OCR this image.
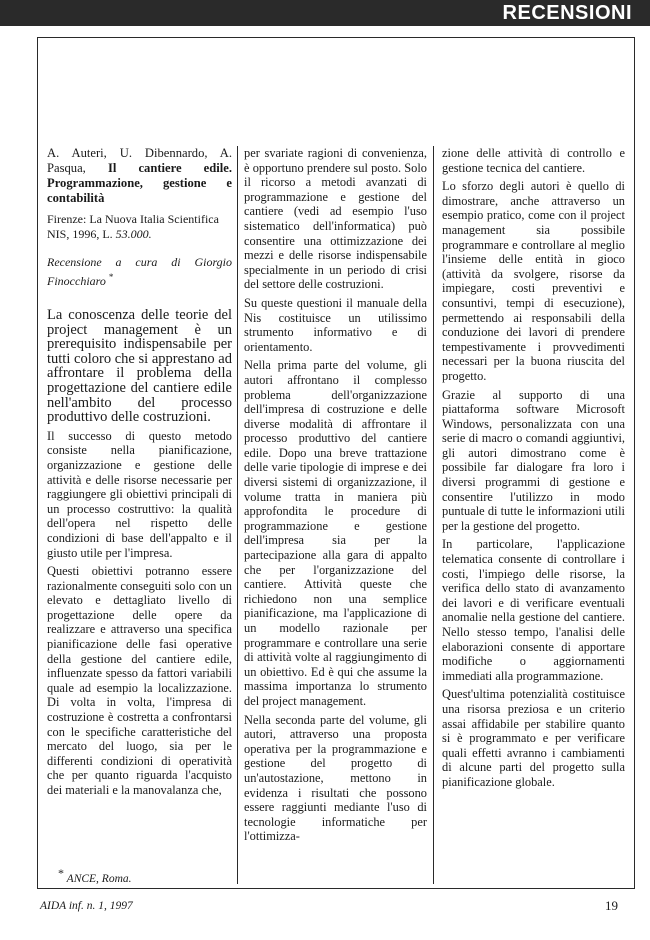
RECENSIONI

A. Auteri, U. Dibennardo, A. Pasqua, Il cantiere edile. Programmazione, gestione e contabilità

Firenze: La Nuova Italia Scientifica
NIS, 1996, L. 53.000.

Recensione a cura di Giorgio Finocchiaro *

La conoscenza delle teorie del project management è un prerequisito indispensabile per tutti coloro che si apprestano ad affrontare il problema della progettazione del cantiere edile nell'ambito del processo produttivo delle costruzioni.

Il successo di questo metodo consiste nella pianificazione, organizzazione e gestione delle attività e delle risorse necessarie per raggiungere gli obiettivi principali di un processo costruttivo: la qualità dell'opera nel rispetto delle condizioni di base dell'appalto e il giusto utile per l'impresa.

Questi obiettivi potranno essere razionalmente conseguiti solo con un elevato e dettagliato livello di progettazione delle opere da realizzare e attraverso una specifica pianificazione delle fasi operative della gestione del cantiere edile, influenzate spesso da fattori variabili quale ad esempio la localizzazione. Di volta in volta, l'impresa di costruzione è costretta a confrontarsi con le specifiche caratteristiche del mercato del luogo, sia per le differenti condizioni di operatività che per quanto riguarda l'acquisto dei materiali e la manovalanza che,

per svariate ragioni di convenienza, è opportuno prendere sul posto. Solo il ricorso a metodi avanzati di programmazione e gestione del cantiere (vedi ad esempio l'uso sistematico dell'informatica) può consentire una ottimizzazione dei mezzi e delle risorse indispensabile specialmente in un periodo di crisi del settore delle costruzioni.

Su queste questioni il manuale della Nis costituisce un utilissimo strumento informativo e di orientamento.

Nella prima parte del volume, gli autori affrontano il complesso problema dell'organizzazione dell'impresa di costruzione e delle diverse modalità di affrontare il processo produttivo del cantiere edile. Dopo una breve trattazione delle varie tipologie di imprese e dei diversi sistemi di organizzazione, il volume tratta in maniera più approfondita le procedure di programmazione e gestione dell'impresa sia per la partecipazione alla gara di appalto che per l'organizzazione del cantiere. Attività queste che richiedono non una semplice pianificazione, ma l'applicazione di un modello razionale per programmare e controllare una serie di attività volte al raggiungimento di un obiettivo. Ed è qui che assume la massima importanza lo strumento del project management.

Nella seconda parte del volume, gli autori, attraverso una proposta operativa per la programmazione e gestione del progetto di un'autostazione, mettono in evidenza i risultati che possono essere raggiunti mediante l'uso di tecnologie informatiche per l'ottimizza-

zione delle attività di controllo e gestione tecnica del cantiere.

Lo sforzo degli autori è quello di dimostrare, anche attraverso un esempio pratico, come con il project management sia possibile programmare e controllare al meglio l'insieme delle entità in gioco (attività da svolgere, risorse da impiegare, costi preventivi e consuntivi, tempi di esecuzione), permettendo ai responsabili della conduzione dei lavori di prendere tempestivamente i provvedimenti necessari per la buona riuscita del progetto.

Grazie al supporto di una piattaforma software Microsoft Windows, personalizzata con una serie di macro o comandi aggiuntivi, gli autori dimostrano come è possibile far dialogare fra loro i diversi programmi di gestione e consentire l'utilizzo in modo puntuale di tutte le informazioni utili per la gestione del progetto.

In particolare, l'applicazione telematica consente di controllare i costi, l'impiego delle risorse, la verifica dello stato di avanzamento dei lavori e di verificare eventuali anomalie nella gestione del cantiere. Nello stesso tempo, l'analisi delle elaborazioni consente di apportare modifiche o aggiornamenti immediati alla programmazione.

Quest'ultima potenzialità costituisce una risorsa preziosa e un criterio assai affidabile per stabilire quanto si è programmato e per verificare quali effetti avranno i cambiamenti di alcune parti del progetto sulla pianificazione globale.

* ANCE, Roma.
AIDA inf. n. 1, 1997	19
